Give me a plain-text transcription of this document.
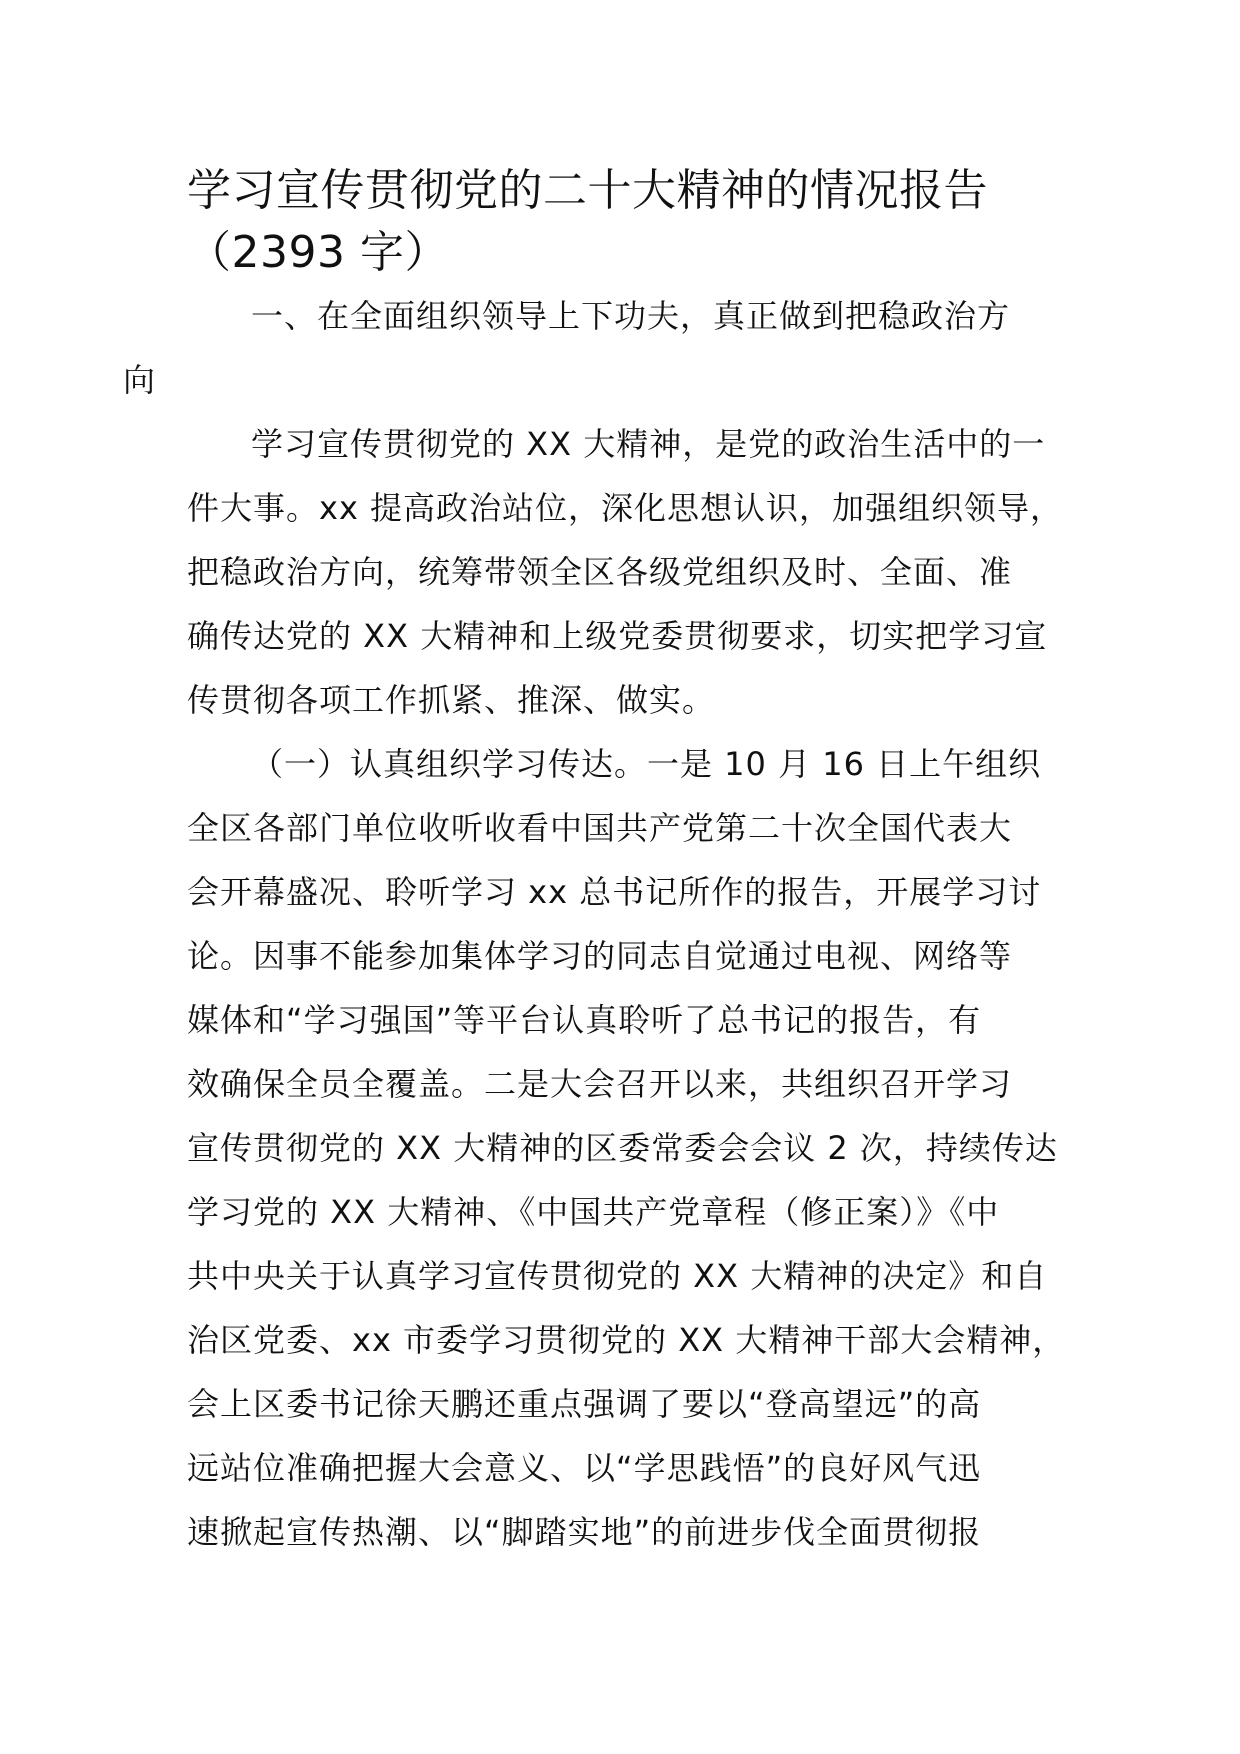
学习宣传贯彻党的二十大精神的情况报告
（2393 字）

一、在全面组织领导上下功夫，真正做到把稳政治方
向

学习宣传贯彻党的 XX 大精神，是党的政治生活中的一
件大事。xx 提高政治站位，深化思想认识，加强组织领导，
把稳政治方向，统筹带领全区各级党组织及时、全面、准
确传达党的 XX 大精神和上级党委贯彻要求，切实把学习宣
传贯彻各项工作抓紧、推深、做实。

（一）认真组织学习传达。一是 10 月 16 日上午组织
全区各部门单位收听收看中国共产党第二十次全国代表大
会开幕盛况、聆听学习 xx 总书记所作的报告，开展学习讨
论。因事不能参加集体学习的同志自觉通过电视、网络等
媒体和“学习强国”等平台认真聆听了总书记的报告，有
效确保全员全覆盖。二是大会召开以来，共组织召开学习
宣传贯彻党的 XX 大精神的区委常委会会议 2 次，持续传达
学习党的 XX 大精神、《中国共产党章程（修正案）》《中
共中央关于认真学习宣传贯彻党的 XX 大精神的决定》和自
治区党委、xx 市委学习贯彻党的 XX 大精神干部大会精神，
会上区委书记徐天鹏还重点强调了要以“登高望远”的高
远站位准确把握大会意义、以“学思践悟”的良好风气迅
速掀起宣传热潮、以“脚踏实地”的前进步伐全面贯彻报
